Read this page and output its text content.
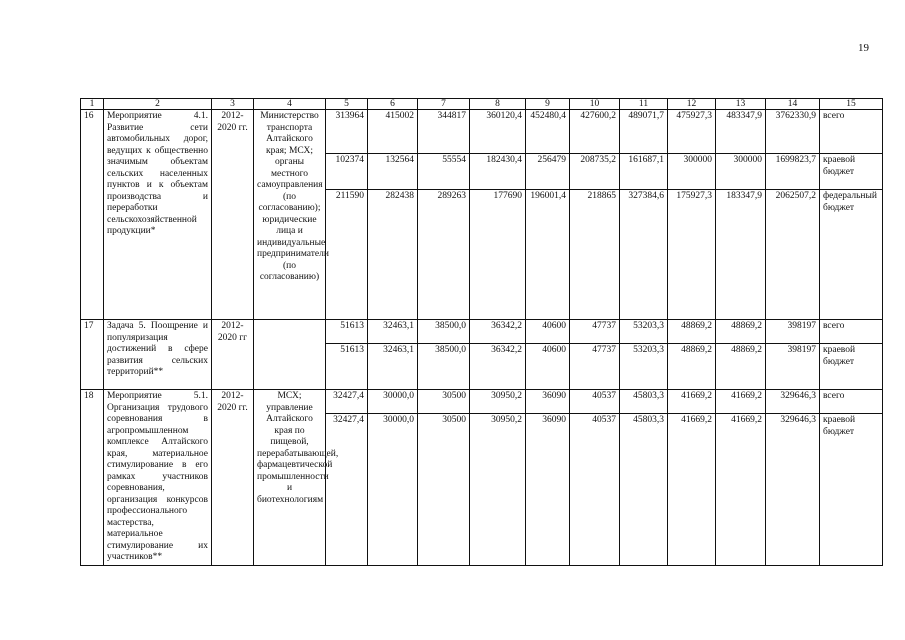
19
1	2	3	4	5	6	7	8	9	10	11	12	13	14	15
16	Мероприятие 4.1. Развитие сети автомобильных дорог, ведущих к общественно значимым объектам сельских населенных пунктов и к объектам производства и переработки сельскохозяйственной продукции*	2012-2020 гг.	Министерство транспорта Алтайского края; МСХ; органы местного самоуправления (по согласованию); юридические лица и индивидуальные предприниматели (по согласованию)	313964	415002	344817	360120,4	452480,4	427600,2	489071,7	475927,3	483347,9	3762330,9	всего
				102374	132564	55554	182430,4	256479	208735,2	161687,1	300000	300000	1699823,7	краевой бюджет
				211590	282438	289263	177690	196001,4	218865	327384,6	175927,3	183347,9	2062507,2	федеральный бюджет
17	Задача 5. Поощрение и популяризация достижений в сфере развития сельских территорий**	2012-2020 гг		51613	32463,1	38500,0	36342,2	40600	47737	53203,3	48869,2	48869,2	398197	всего
				51613	32463,1	38500,0	36342,2	40600	47737	53203,3	48869,2	48869,2	398197	краевой бюджет
18	Мероприятие 5.1. Организация трудового соревнования в агропромышленном комплексе Алтайского края, материальное стимулирование в его рамках участников соревнования, организация конкурсов профессионального мастерства, материальное стимулирование их участников**	2012-2020 гг.	МСХ; управление Алтайского края по пищевой, перерабатывающей, фармацевтической промышленности и биотехнологиям	32427,4	30000,0	30500	30950,2	36090	40537	45803,3	41669,2	41669,2	329646,3	всего
				32427,4	30000,0	30500	30950,2	36090	40537	45803,3	41669,2	41669,2	329646,3	краевой бюджет
